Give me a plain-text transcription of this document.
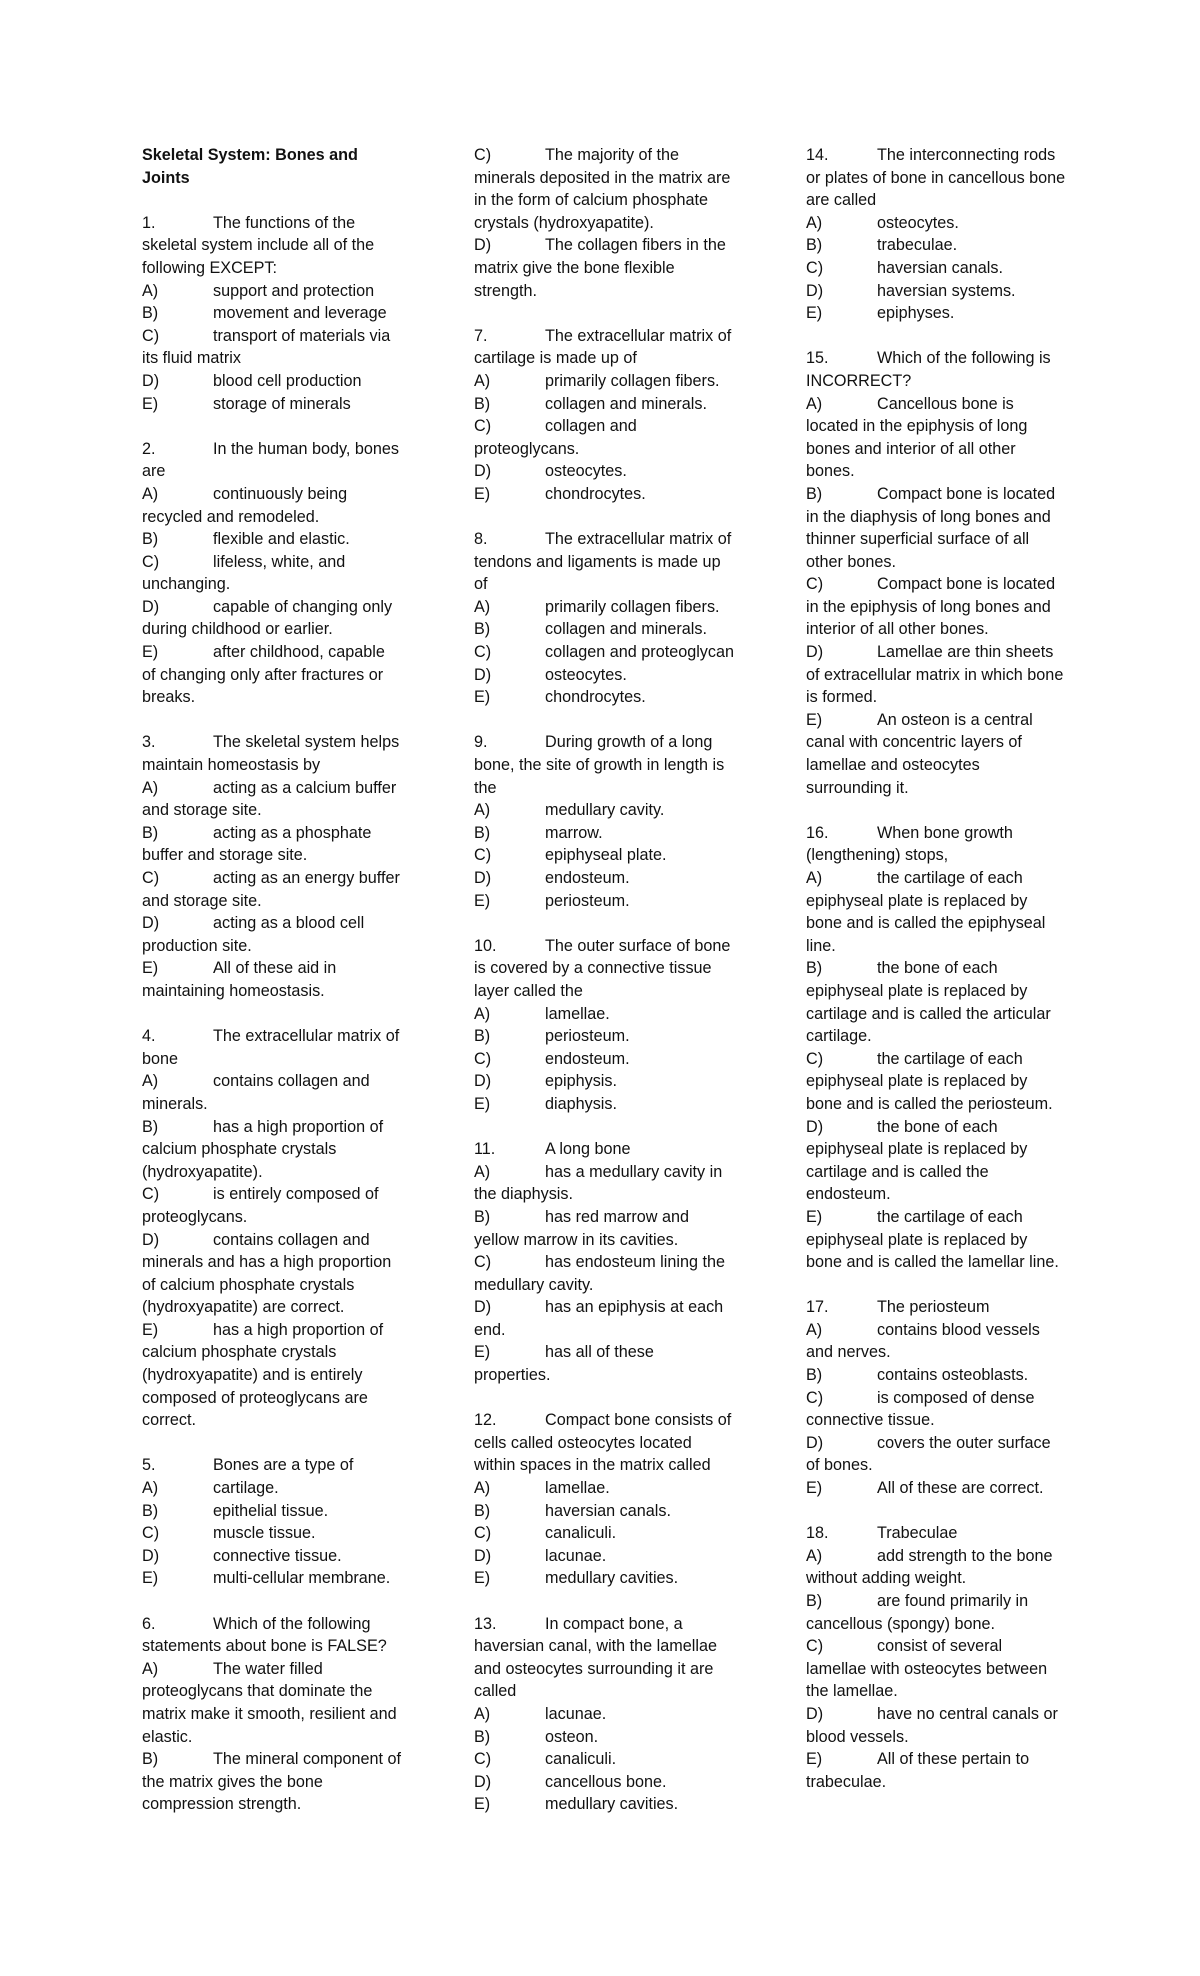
Skeletal System: Bones and
Joints
1.	The functions of the
skeletal system include all of the
following EXCEPT:
A)	support and protection
B)	movement and leverage
C)	transport of materials via
its fluid matrix
D)	blood cell production
E)	storage of minerals
2.	In the human body, bones
are
A)	continuously being
recycled and remodeled.
B)	flexible and elastic.
C)	lifeless, white, and
unchanging.
D)	capable of changing only
during childhood or earlier.
E)	after childhood, capable
of changing only after fractures or
breaks.
3.	The skeletal system helps
maintain homeostasis by
A)	acting as a calcium buffer
and storage site.
B)	acting as a phosphate
buffer and storage site.
C)	acting as an energy buffer
and storage site.
D)	acting as a blood cell
production site.
E)	All of these aid in
maintaining homeostasis.
4.	The extracellular matrix of
bone
A)	contains collagen and
minerals.
B)	has a high proportion of
calcium phosphate crystals
(hydroxyapatite).
C)	is entirely composed of
proteoglycans.
D)	contains collagen and
minerals and has a high proportion
of calcium phosphate crystals
(hydroxyapatite) are correct.
E)	has a high proportion of
calcium phosphate crystals
(hydroxyapatite) and is entirely
composed of proteoglycans are
correct.
5.	Bones are a type of
A)	cartilage.
B)	epithelial tissue.
C)	muscle tissue.
D)	connective tissue.
E)	multi-cellular membrane.
6.	Which of the following
statements about bone is FALSE?
A)	The water filled
proteoglycans that dominate the
matrix make it smooth, resilient and
elastic.
B)	The mineral component of
the matrix gives the bone
compression strength.
C)	The majority of the
minerals deposited in the matrix are
in the form of calcium phosphate
crystals (hydroxyapatite).
D)	The collagen fibers in the
matrix give the bone flexible
strength.
7.	The extracellular matrix of
cartilage is made up of
A)	primarily collagen fibers.
B)	collagen and minerals.
C)	collagen and
proteoglycans.
D)	osteocytes.
E)	chondrocytes.
8.	The extracellular matrix of
tendons and ligaments is made up
of
A)	primarily collagen fibers.
B)	collagen and minerals.
C)	collagen and proteoglycan
D)	osteocytes.
E)	chondrocytes.
9.	During growth of a long
bone, the site of growth in length is
the
A)	medullary cavity.
B)	marrow.
C)	epiphyseal plate.
D)	endosteum.
E)	periosteum.
10.	The outer surface of bone
is covered by a connective tissue
layer called the
A)	lamellae.
B)	periosteum.
C)	endosteum.
D)	epiphysis.
E)	diaphysis.
11.	A long bone
A)	has a medullary cavity in
the diaphysis.
B)	has red marrow and
yellow marrow in its cavities.
C)	has endosteum lining the
medullary cavity.
D)	has an epiphysis at each
end.
E)	has all of these
properties.
12.	Compact bone consists of
cells called osteocytes located
within spaces in the matrix called
A)	lamellae.
B)	haversian canals.
C)	canaliculi.
D)	lacunae.
E)	medullary cavities.
13.	In compact bone, a
haversian canal, with the lamellae
and osteocytes surrounding it are
called
A)	lacunae.
B)	osteon.
C)	canaliculi.
D)	cancellous bone.
E)	medullary cavities.
14.	The interconnecting rods
or plates of bone in cancellous bone
are called
A)	osteocytes.
B)	trabeculae.
C)	haversian canals.
D)	haversian systems.
E)	epiphyses.
15.	Which of the following is
INCORRECT?
A)	Cancellous bone is
located in the epiphysis of long
bones and interior of all other
bones.
B)	Compact bone is located
in the diaphysis of long bones and
thinner superficial surface of all
other bones.
C)	Compact bone is located
in the epiphysis of long bones and
interior of all other bones.
D)	Lamellae are thin sheets
of extracellular matrix in which bone
is formed.
E)	An osteon is a central
canal with concentric layers of
lamellae and osteocytes
surrounding it.
16.	When bone growth
(lengthening) stops,
A)	the cartilage of each
epiphyseal plate is replaced by
bone and is called the epiphyseal
line.
B)	the bone of each
epiphyseal plate is replaced by
cartilage and is called the articular
cartilage.
C)	the cartilage of each
epiphyseal plate is replaced by
bone and is called the periosteum.
D)	the bone of each
epiphyseal plate is replaced by
cartilage and is called the
endosteum.
E)	the cartilage of each
epiphyseal plate is replaced by
bone and is called the lamellar line.
17.	The periosteum
A)	contains blood vessels
and nerves.
B)	contains osteoblasts.
C)	is composed of dense
connective tissue.
D)	covers the outer surface
of bones.
E)	All of these are correct.
18.	Trabeculae
A)	add strength to the bone
without adding weight.
B)	are found primarily in
cancellous (spongy) bone.
C)	consist of several
lamellae with osteocytes between
the lamellae.
D)	have no central canals or
blood vessels.
E)	All of these pertain to
trabeculae.
